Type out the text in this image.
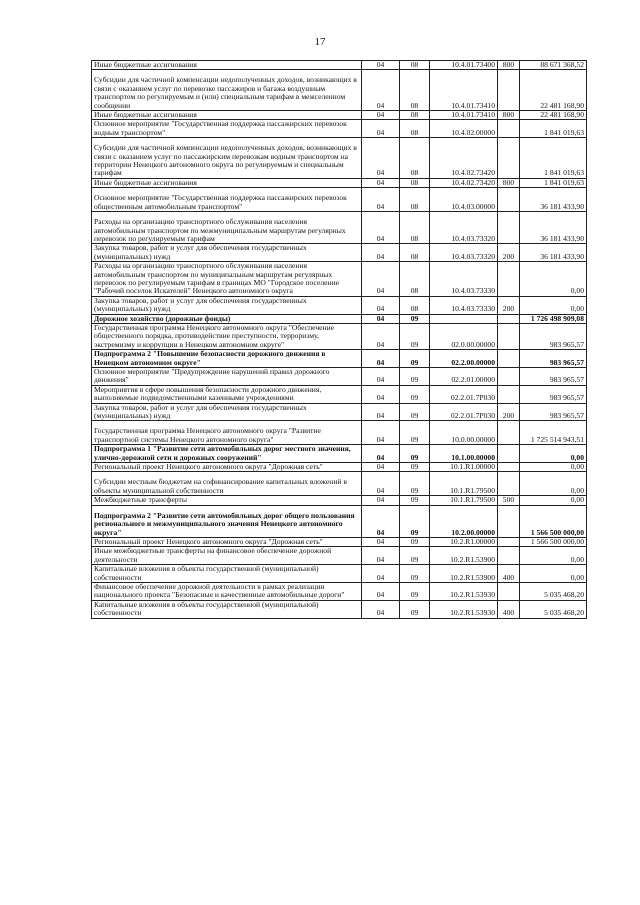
17
Иные бюджетные ассигнования	04	08	10.4.01.73400	800	88 671 368,52
Субсидии для частичной компенсации недополученных доходов, возникающих в связи с оказанием услуг по перевозке пассажиров и багажа воздушным транспортом по регулируемым и (или) специальным тарифам в межселенном сообщении	04	08	10.4.01.73410		22 481 168,90
Иные бюджетные ассигнования	04	08	10.4.01.73410	800	22 481 168,90
Основное мероприятие "Государственная поддержка пассажирских перевозок водным транспортом"	04	08	10.4.02.00000		1 841 019,63
Субсидии для частичной компенсации недополученных доходов, возникающих в связи с оказанием услуг по пассажирским перевозкам водным транспортом на территории Ненецкого автономного округа по регулируемым и специальным тарифам	04	08	10.4.02.73420		1 841 019,63
Иные бюджетные ассигнования	04	08	10.4.02.73420	800	1 841 019,63
Основное мероприятие "Государственная поддержка пассажирских перевозок общественным автомобильным транспортом"	04	08	10.4.03.00000		36 181 433,90
Расходы на организацию транспортного обслуживания населения автомобильным транспортом по межмуниципальным маршрутам регулярных перевозок по регулируемым тарифам	04	08	10.4.03.73320		36 181 433,90
Закупка товаров, работ и услуг для обеспечения государственных (муниципальных) нужд	04	08	10.4.03.73320	200	36 181 433,90
Расходы на организацию транспортного обслуживания населения автомобильным транспортом по муниципальным маршрутам регулярных перевозок по регулируемым тарифам в границах МО "Городское поселение "Рабочий поселок Искателей" Ненецкого автономного округа	04	08	10.4.03.73330		0,00
Закупка товаров, работ и услуг для обеспечения государственных (муниципальных) нужд	04	08	10.4.03.73330	200	0,00
Дорожное хозяйство (дорожные фонды)	04	09			1 726 498 909,08
Государственная программа Ненецкого автономного округа "Обеспечение общественного порядка, противодействие преступности, терроризму, экстремизму и коррупции в Ненецком автономном округе"	04	09	02.0.00.00000		983 965,57
Подпрограмма 2 "Повышение безопасности дорожного движения в Ненецком автономном округе"	04	09	02.2.00.00000		983 965,57
Основное мероприятие "Предупреждение нарушений правил дорожного движения"	04	09	02.2.01.00000		983 965,57
Мероприятия в сфере повышения безопасности дорожного движения, выполняемые подведомственными казенными учреждениями	04	09	02.2.01.7Р030		983 965,57
Закупка товаров, работ и услуг для обеспечения государственных (муниципальных) нужд	04	09	02.2.01.7Р030	200	983 965,57
Государственная программа Ненецкого автономного округа "Развитие транспортной системы Ненецкого автономного округа"	04	09	10.0.00.00000		1 725 514 943,51
Подпрограмма 1 "Развитие сети автомобильных дорог местного значения, улично-дорожной сети и дорожных сооружений"	04	09	10.1.00.00000		0,00
Региональный проект Ненецкого автономного округа "Дорожная сеть"	04	09	10.1.R1.00000		0,00
Субсидии местным бюджетам на софинансирование капитальных вложений в объекты муниципальной собственности	04	09	10.1.R1.79500		0,00
Межбюджетные трансферты	04	09	10.1.R1.79500	500	0,00
Подпрограмма 2 "Развитие сети автомобильных дорог общего пользования регионального и межмуниципального значения Ненецкого автономного округа"	04	09	10.2.00.00000		1 566 500 000,00
Региональный проект Ненецкого автономного округа "Дорожная сеть"	04	09	10.2.R1.00000		1 566 500 000,00
Иные межбюджетные трансферты на финансовое обеспечение дорожной деятельности	04	09	10.2.R1.53900		0,00
Капитальные вложения в объекты государственной (муниципальной) собственности	04	09	10.2.R1.53900	400	0,00
Финансовое обеспечение дорожной деятельности в рамках реализации национального проекта "Безопасные и качественные автомобильные дороги"	04	09	10.2.R1.53930		5 035 468,20
Капитальные вложения в объекты государственной (муниципальной) собственности	04	09	10.2.R1.53930	400	5 035 468,20
